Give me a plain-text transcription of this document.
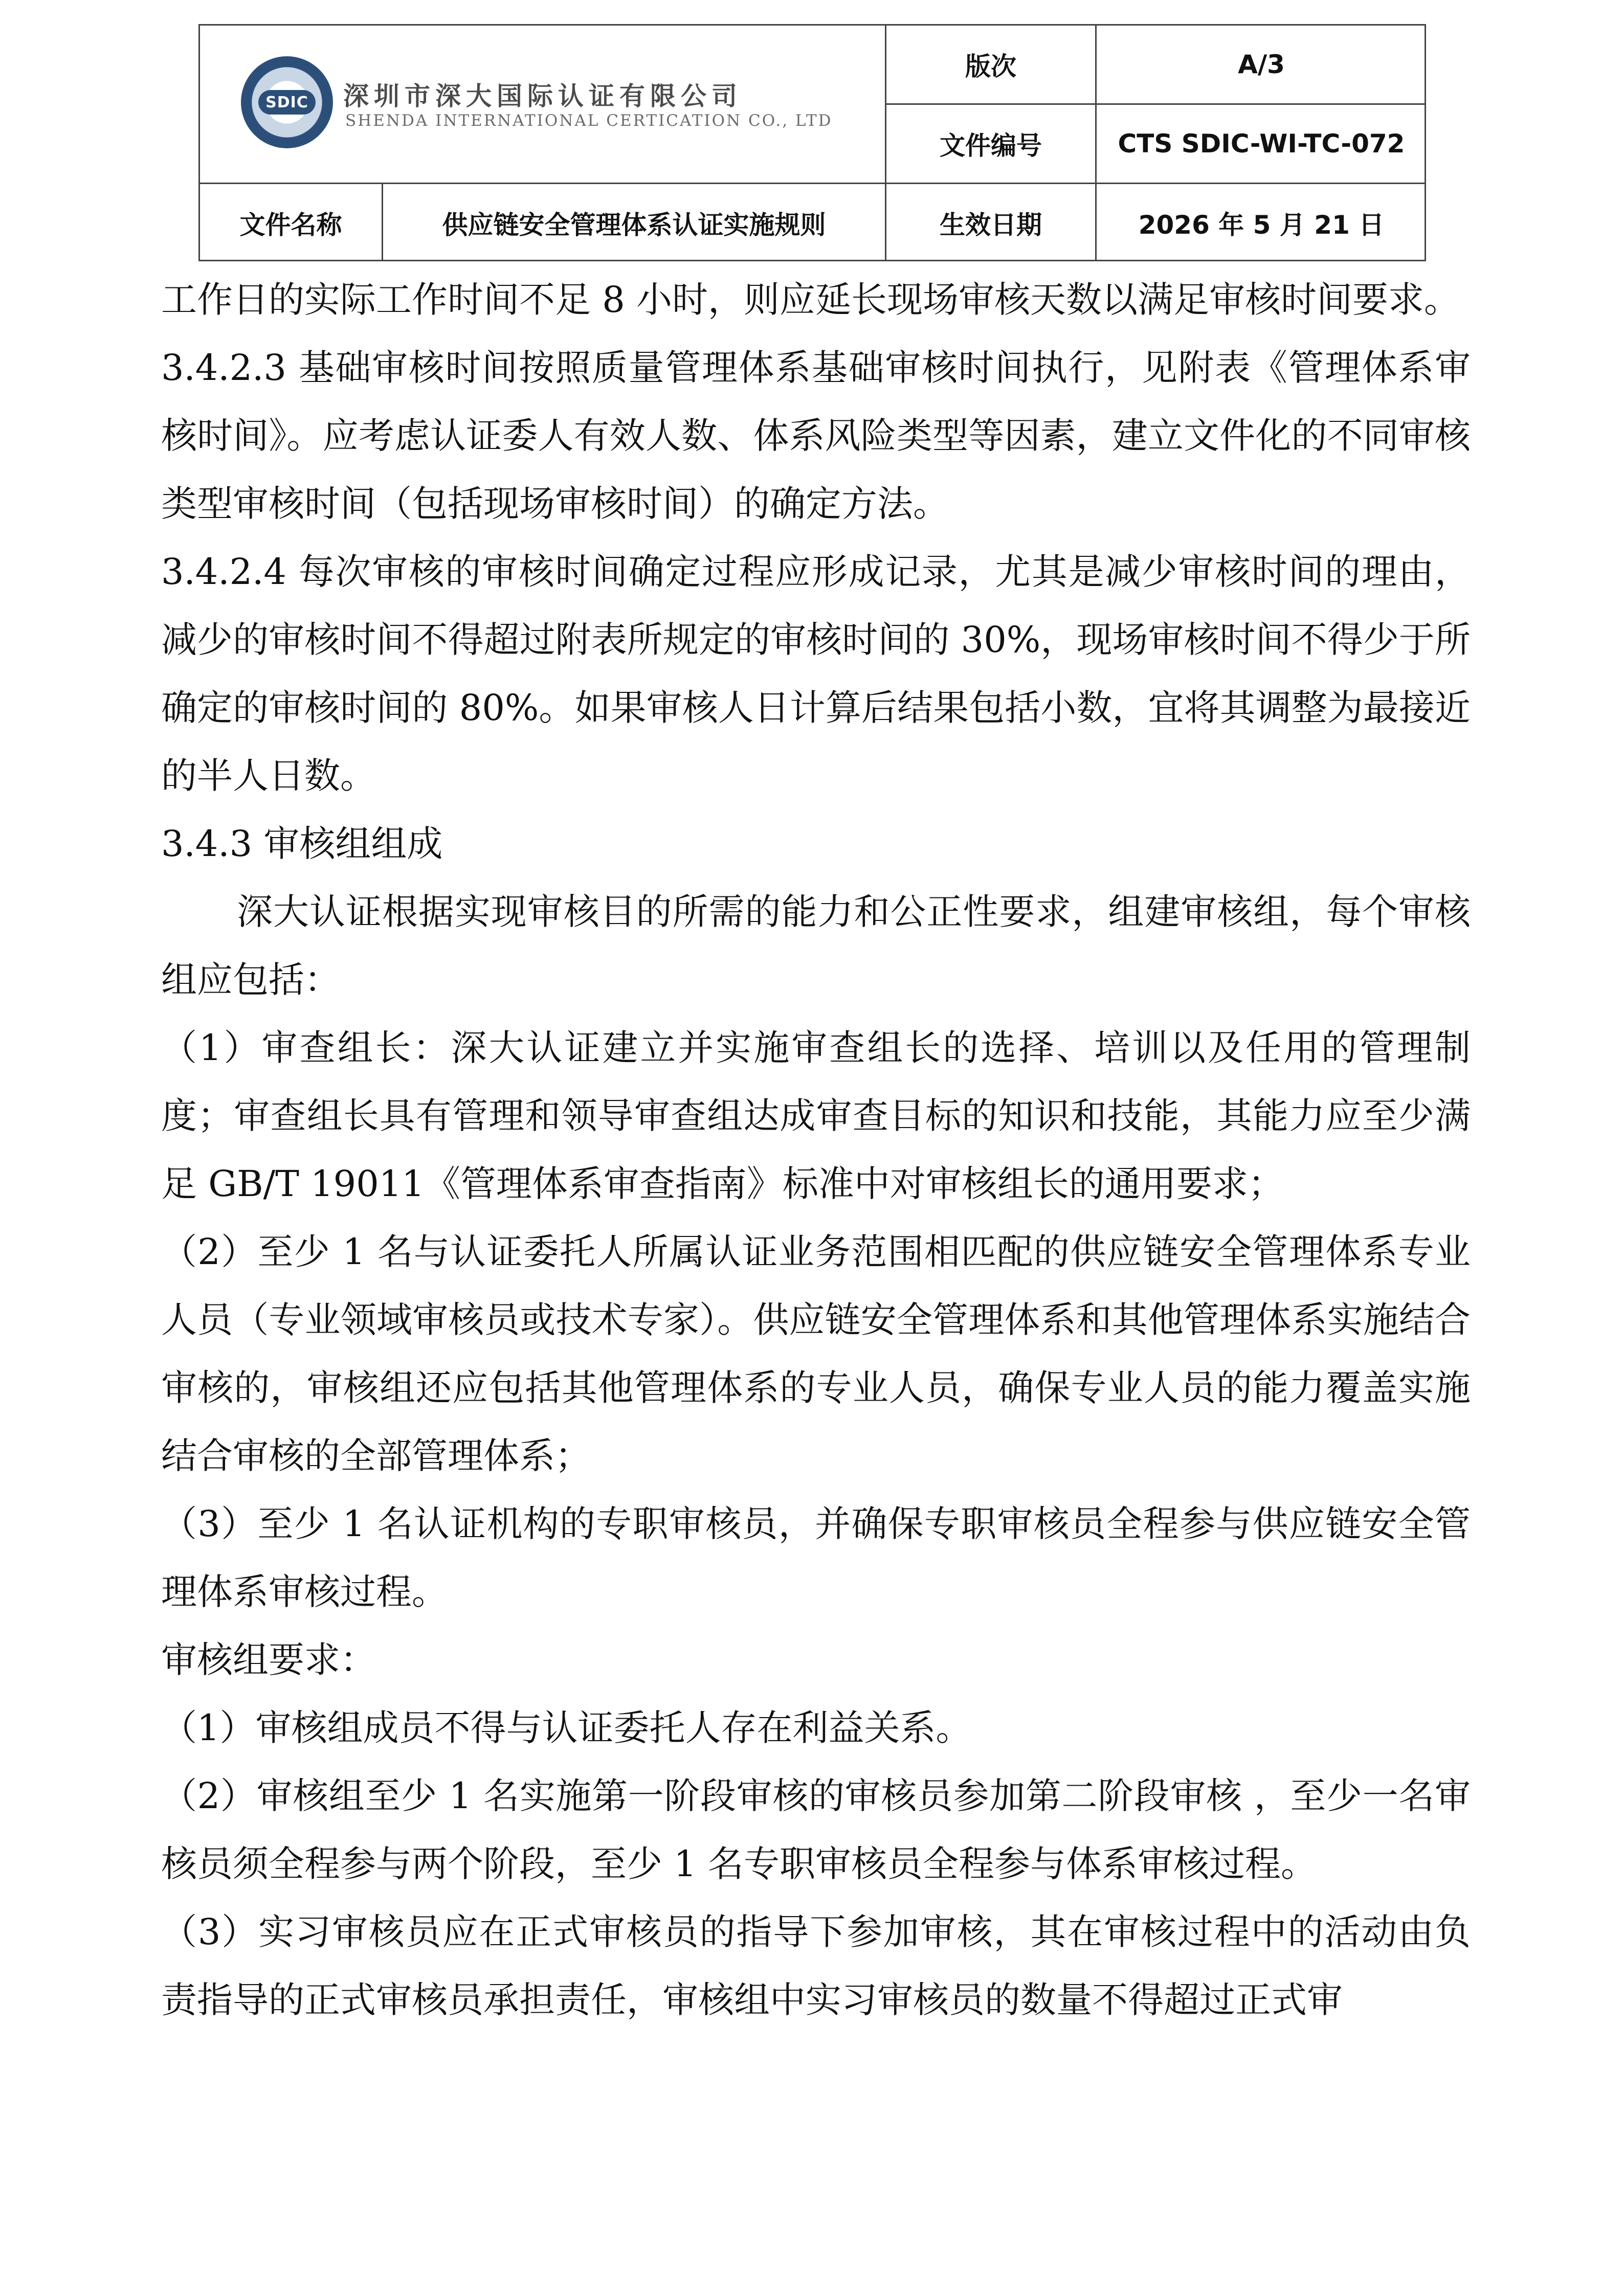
SDIC 深圳市深大国际认证有限公司
SHENDA INTERNATIONAL CERTICATION CO., LTD
版次	A/3
文件编号	CTS SDIC-WI-TC-072
文件名称	供应链安全管理体系认证实施规则	生效日期	2026 年 5 月 21 日

工作日的实际工作时间不足 8 小时，则应延长现场审核天数以满足审核时间要求。

3.4.2.3 基础审核时间按照质量管理体系基础审核时间执行，见附表《管理体系审核时间》。应考虑认证委人有效人数、体系风险类型等因素，建立文件化的不同审核类型审核时间（包括现场审核时间）的确定方法。

3.4.2.4 每次审核的审核时间确定过程应形成记录，尤其是减少审核时间的理由，减少的审核时间不得超过附表所规定的审核时间的 30%，现场审核时间不得少于所确定的审核时间的 80%。如果审核人日计算后结果包括小数，宜将其调整为最接近的半人日数。

3.4.3 审核组组成

深大认证根据实现审核目的所需的能力和公正性要求，组建审核组，每个审核组应包括：

（1）审查组长：深大认证建立并实施审查组长的选择、培训以及任用的管理制度；审查组长具有管理和领导审查组达成审查目标的知识和技能，其能力应至少满足 GB/T 19011《管理体系审查指南》标准中对审核组长的通用要求；

（2）至少 1 名与认证委托人所属认证业务范围相匹配的供应链安全管理体系专业人员（专业领域审核员或技术专家）。供应链安全管理体系和其他管理体系实施结合审核的，审核组还应包括其他管理体系的专业人员，确保专业人员的能力覆盖实施结合审核的全部管理体系；

（3）至少 1 名认证机构的专职审核员，并确保专职审核员全程参与供应链安全管理体系审核过程。

审核组要求：

（1）审核组成员不得与认证委托人存在利益关系。

（2）审核组至少 1 名实施第一阶段审核的审核员参加第二阶段审核 ，至少一名审核员须全程参与两个阶段，至少 1 名专职审核员全程参与体系审核过程。

（3）实习审核员应在正式审核员的指导下参加审核，其在审核过程中的活动由负责指导的正式审核员承担责任，审核组中实习审核员的数量不得超过正式审
